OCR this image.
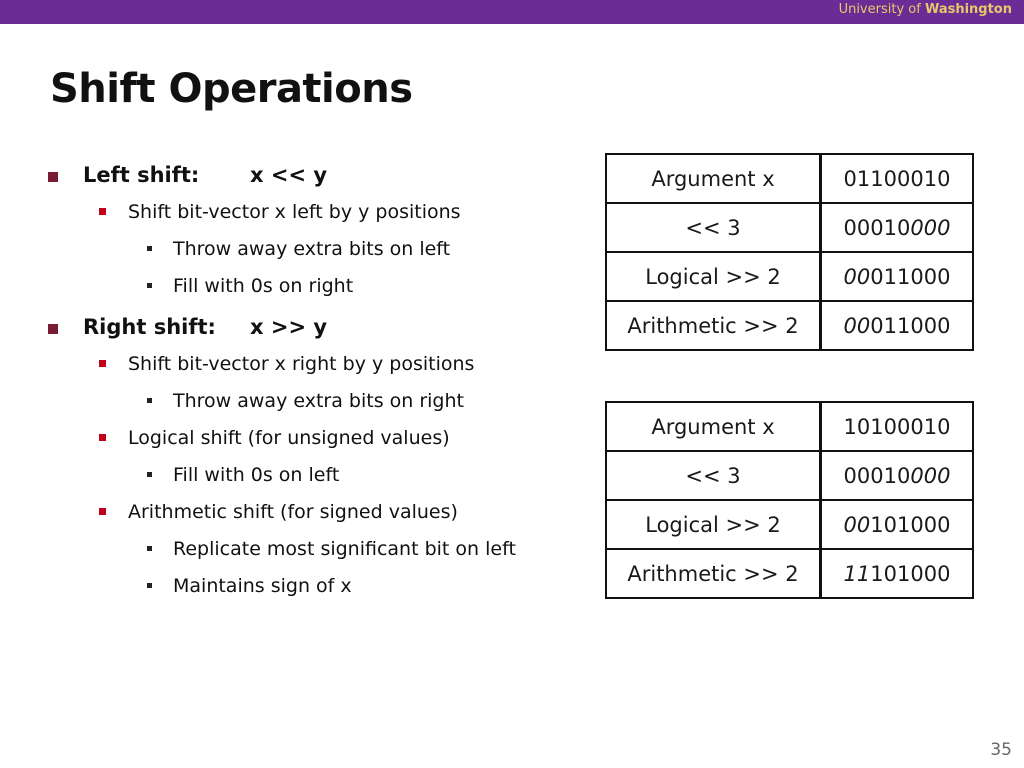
University of Washington
Shift Operations
Left shift: x << y
Shift bit-vector x left by y positions
Throw away extra bits on left
Fill with 0s on right
Right shift: x >> y
Shift bit-vector x right by y positions
Throw away extra bits on right
Logical shift (for unsigned values)
Fill with 0s on left
Arithmetic shift (for signed values)
Replicate most significant bit on left
Maintains sign of x
Argument x	01100010
<< 3	00010000
Logical >> 2	00011000
Arithmetic >> 2	00011000
Argument x	10100010
<< 3	00010000
Logical >> 2	00101000
Arithmetic >> 2	11101000
35
